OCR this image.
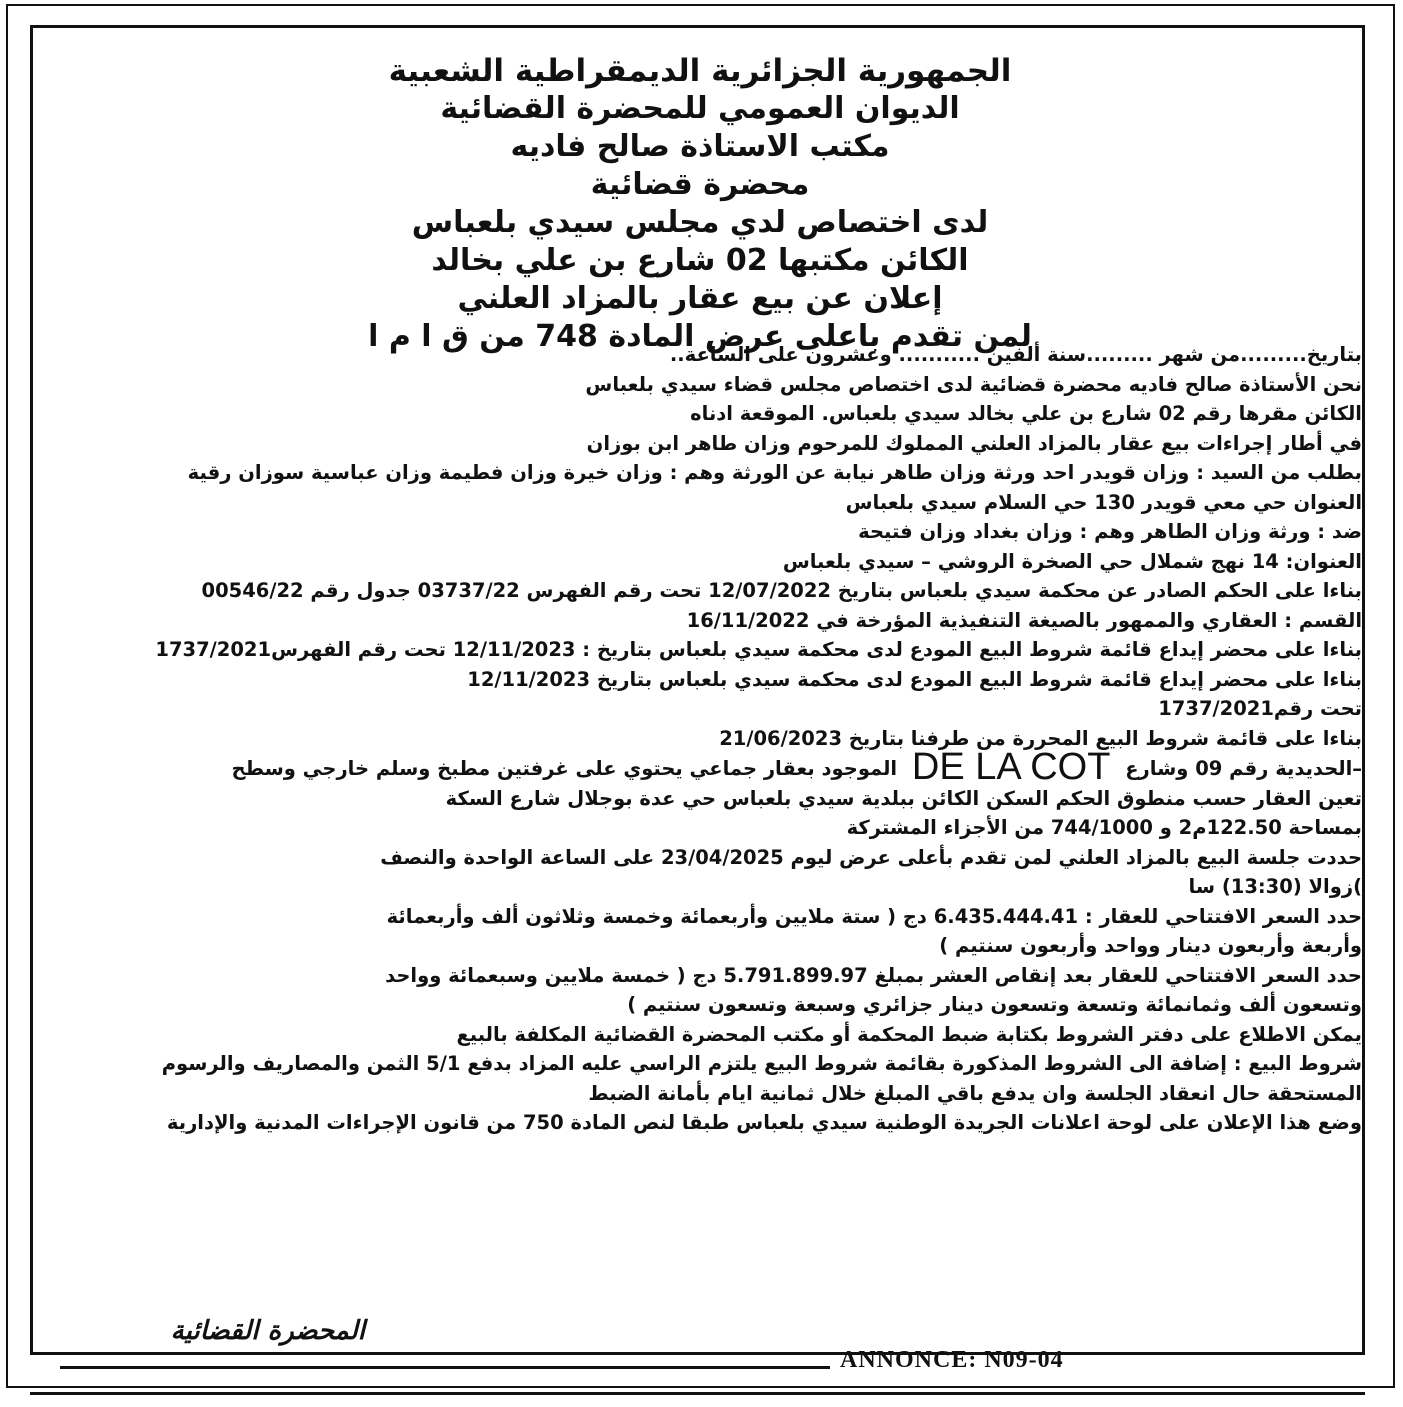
الجمهورية الجزائرية الديمقراطية الشعبية

الديوان العمومي للمحضرة القضائية

مكتب الاستاذة صالح فاديه

محضرة قضائية

لدى اختصاص لدي مجلس سيدي بلعباس

الكائن مكتبها 02 شارع بن علي بخالد

إعلان عن بيع عقار بالمزاد العلني

لمن تقدم باعلى عرض المادة 748 من ق ا م ا

بتاريخ.........من شهر .........سنة ألفين ........... وعشرون على الساعة..

نحن الأستاذة صالح فاديه محضرة قضائية لدى اختصاص مجلس قضاء سيدي بلعباس

الكائن مقرها رقم 02 شارع بن علي بخالد سيدي بلعباس. الموقعة ادناه

في أطار إجراءات بيع عقار بالمزاد العلني المملوك للمرحوم وزان طاهر ابن بوزان

بطلب من السيد : وزان قويدر احد ورثة وزان طاهر نيابة عن الورثة وهم : وزان خيرة وزان فطيمة وزان عباسية سوزان رقية

العنوان حي معي قويدر 130 حي السلام سيدي بلعباس

ضد : ورثة وزان الطاهر وهم : وزان بغداد وزان فتيحة

العنوان: 14 نهج شملال حي الصخرة الروشي – سيدي بلعباس

بناءا على الحكم الصادر عن محكمة سيدي بلعباس بتاريخ 12/07/2022 تحت رقم الفهرس 03737/22 جدول رقم 00546/22

القسم : العقاري والممهور بالصيغة التنفيذية المؤرخة في 16/11/2022

بناءا على محضر إيداع قائمة شروط البيع المودع لدى محكمة سيدي بلعباس بتاريخ : 12/11/2023 تحت رقم الفهرس1737/2021

بناءا على محضر إيداع قائمة شروط البيع المودع لدى محكمة سيدي بلعباس بتاريخ 12/11/2023

تحت رقم1737/2021

بناءا على قائمة شروط البيع المحررة من طرفنا بتاريخ 21/06/2023

–الحديدية رقم 09 وشارع DE LA COT الموجود بعقار جماعي يحتوي على غرفتين مطبخ وسلم خارجي وسطح

تعين العقار حسب منطوق الحكم السكن الكائن ببلدية سيدي بلعباس حي عدة بوجلال شارع السكة

بمساحة 122.50م2 و 744/1000 من الأجزاء المشتركة

حددت جلسة البيع بالمزاد العلني لمن تقدم بأعلى عرض ليوم 23/04/2025 على الساعة الواحدة والنصف

)زوالا (13:30) سا

حدد السعر الافتتاحي للعقار : 6.435.444.41 دج ( ستة ملايين وأربعمائة وخمسة وثلاثون ألف وأربعمائة

وأربعة وأربعون دينار وواحد وأربعون سنتيم )

حدد السعر الافتتاحي للعقار بعد إنقاص العشر بمبلغ 5.791.899.97 دج ( خمسة ملايين وسبعمائة وواحد

وتسعون ألف وثمانمائة وتسعة وتسعون دينار جزائري وسبعة وتسعون سنتيم )

يمكن الاطلاع على دفتر الشروط بكتابة ضبط المحكمة أو مكتب المحضرة القضائية المكلفة بالبيع

شروط البيع : إضافة الى الشروط المذكورة بقائمة شروط البيع يلتزم الراسي عليه المزاد بدفع 5/1 الثمن والمصاريف والرسوم

المستحقة حال انعقاد الجلسة وان يدفع باقي المبلغ خلال ثمانية ايام بأمانة الضبط

وضع هذا الإعلان على لوحة اعلانات الجريدة الوطنية سيدي بلعباس طبقا لنص المادة 750 من قانون الإجراءات المدنية والإدارية

المحضرة القضائية
ANNONCE: N09-04
